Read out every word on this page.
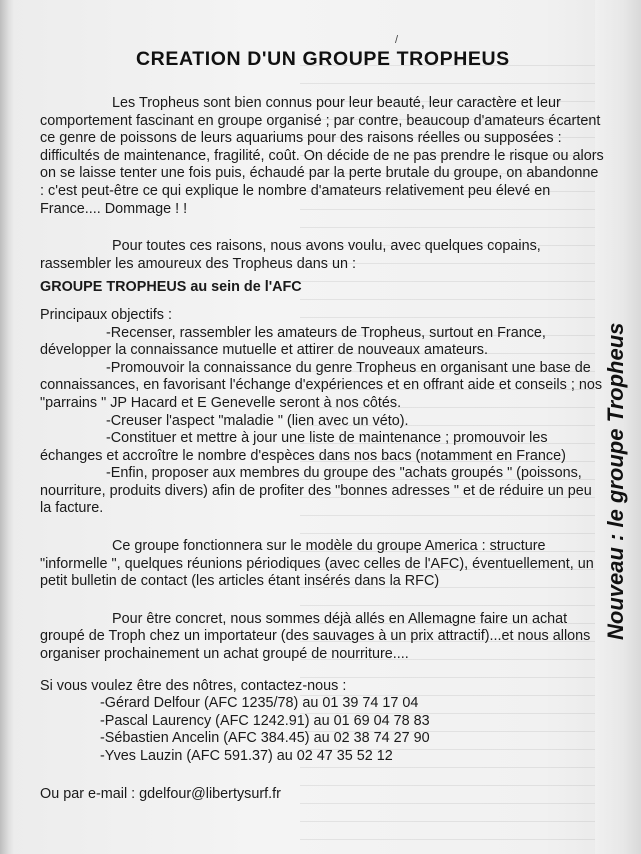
/
CREATION D'UN GROUPE TROPHEUS

Les Tropheus sont bien connus pour leur beauté, leur caractère et leur comportement fascinant en groupe organisé ; par contre, beaucoup d'amateurs écartent ce genre de poissons de leurs aquariums pour des raisons réelles ou supposées : difficultés de maintenance, fragilité, coût. On décide de ne pas prendre le risque ou alors on se laisse tenter une fois puis, échaudé par la perte brutale du groupe, on abandonne : c'est peut-être ce qui explique le nombre d'amateurs relativement peu élevé en France.... Dommage ! !

Pour toutes ces raisons, nous avons voulu, avec quelques copains, rassembler les amoureux des Tropheus dans un :

GROUPE TROPHEUS au sein de l'AFC

Principaux objectifs :

-Recenser, rassembler les amateurs de Tropheus, surtout en France, développer la connaissance mutuelle et attirer de nouveaux amateurs.

-Promouvoir la connaissance du genre Tropheus en organisant une base de connaissances, en favorisant l'échange d'expériences et en offrant aide et conseils ; nos "parrains " JP Hacard et E Genevelle seront à nos côtés.

-Creuser l'aspect "maladie " (lien avec un véto).

-Constituer et mettre à jour une liste de maintenance ; promouvoir les échanges et accroître le nombre d'espèces dans nos bacs (notamment en France)

-Enfin, proposer aux membres du groupe des "achats groupés " (poissons, nourriture, produits divers) afin de profiter des "bonnes adresses " et de réduire un peu la facture.

Ce groupe fonctionnera sur le modèle du groupe America : structure "informelle ", quelques réunions périodiques (avec celles de l'AFC), éventuellement, un petit bulletin de contact (les articles étant insérés dans la RFC)

Pour être concret, nous sommes déjà allés en Allemagne faire un achat groupé de Troph chez un importateur (des sauvages à un prix attractif)...et nous allons organiser prochainement un achat groupé de nourriture....

Si vous voulez être des nôtres, contactez-nous :

-Gérard Delfour (AFC 1235/78) au 01 39 74 17 04

-Pascal Laurency (AFC 1242.91) au 01 69 04 78 83

-Sébastien Ancelin (AFC 384.45) au 02 38 74 27 90

-Yves Lauzin (AFC 591.37) au 02 47 35 52 12

Ou par e-mail : gdelfour@libertysurf.fr

Nouveau : le groupe Tropheus
